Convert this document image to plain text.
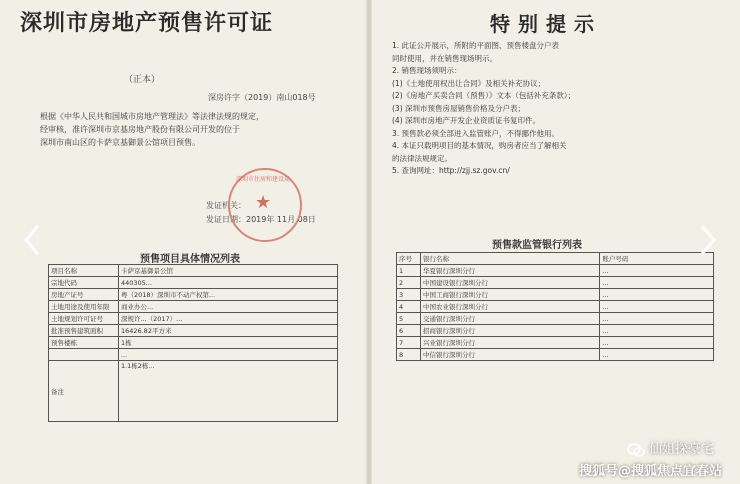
深圳市房地产预售许可证
（正本）
深房许字（2019）南山018号
根据《中华人民共和国城市房地产管理法》等法律法规的规定，
经审核，准许深圳市京基房地产股份有限公司开发的位于
深圳市南山区的卡萨京基御景公馆项目预售。
发证机关：
发证日期：2019年 11月 08日
深圳市住房和建设局
★
预售项目具体情况列表
项目名称	卡萨京基御景公馆
宗地代码	440305...
房地产证号	粤（2018）深圳市不动产权第...
土地用途及使用年限	商业办公...
土地规划许可证号	深规许...（2017）...
批准预售建筑面积	16426.82平方米
预售楼栋	1栋
	...
备注	1.1栋2栋...
特别提示
1. 此证公开展示，所附的平面图、预售楼盘分户表
同时使用，并在销售现场明示。
2. 销售现场须明示：
(1)《土地使用权出让合同》及相关补充协议；
(2)《房地产买卖合同（预售）》文本（包括补充条款）；
(3) 深圳市预售房屋销售价格及分户表；
(4) 深圳市房地产开发企业资质证书复印件。
3. 预售款必须全部进入监管账户，不得挪作他用。
4. 本证只载明项目的基本情况，购房者应当了解相关
的法律法规规定。
5. 查询网址：http://zjj.sz.gov.cn/
预售款监管银行列表
序号	银行名称	账户号码
1	华夏银行深圳分行	...
2	中国建设银行深圳分行	...
3	中国工商银行深圳分行	...
4	中国农业银行深圳分行	...
5	交通银行深圳分行	...
6	招商银行深圳分行	...
7	兴业银行深圳分行	...
8	中信银行深圳分行	...
仙姐探豪宅
搜狐号@搜狐焦点宜春站
